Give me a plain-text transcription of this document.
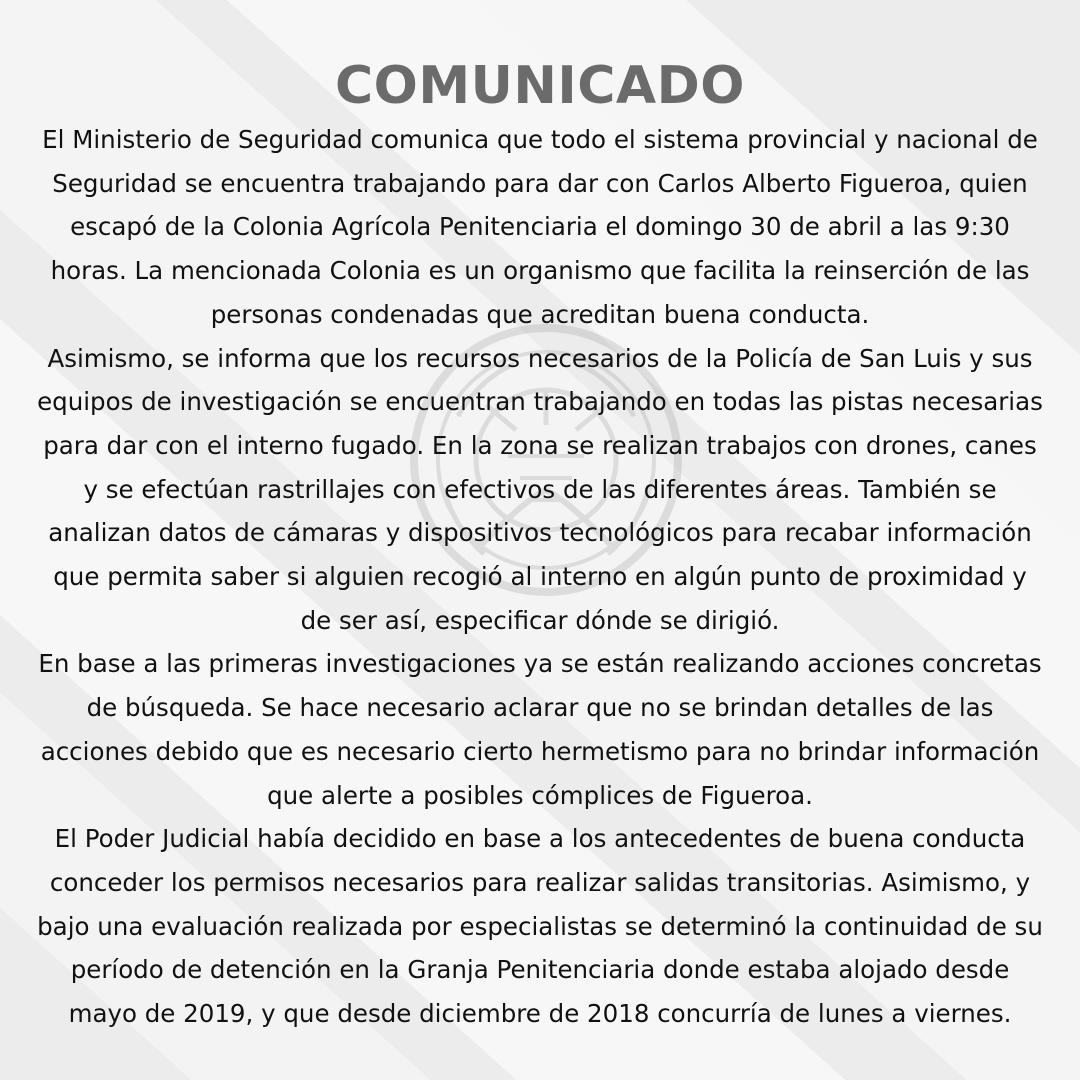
COMUNICADO

El Ministerio de Seguridad comunica que todo el sistema provincial y nacional de Seguridad se encuentra trabajando para dar con Carlos Alberto Figueroa, quien escapó de la Colonia Agrícola Penitenciaria el domingo 30 de abril a las 9:30 horas. La mencionada Colonia es un organismo que facilita la reinserción de las personas condenadas que acreditan buena conducta.

Asimismo, se informa que los recursos necesarios de la Policía de San Luis y sus equipos de investigación se encuentran trabajando en todas las pistas necesarias para dar con el interno fugado. En la zona se realizan trabajos con drones, canes y se efectúan rastrillajes con efectivos de las diferentes áreas. También se analizan datos de cámaras y dispositivos tecnológicos para recabar información que permita saber si alguien recogió al interno en algún punto de proximidad y de ser así, especificar dónde se dirigió.

En base a las primeras investigaciones ya se están realizando acciones concretas de búsqueda. Se hace necesario aclarar que no se brindan detalles de las acciones debido que es necesario cierto hermetismo para no brindar información que alerte a posibles cómplices de Figueroa.

El Poder Judicial había decidido en base a los antecedentes de buena conducta conceder los permisos necesarios para realizar salidas transitorias. Asimismo, y bajo una evaluación realizada por especialistas se determinó la continuidad de su período de detención en la Granja Penitenciaria donde estaba alojado desde mayo de 2019, y que desde diciembre de 2018 concurría de lunes a viernes.
